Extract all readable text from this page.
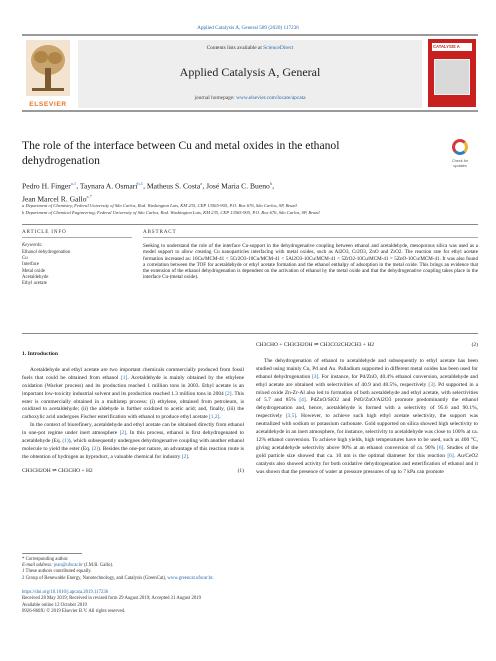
Applied Catalysis A, General 589 (2020) 117236
ELSEVIER
Contents lists available at ScienceDirect
Applied Catalysis A, General
journal homepage: www.elsevier.com/locate/apcata
CATALYSIS A
The role of the interface between Cu and metal oxides in the ethanol dehydrogenation	Check for
updates
Pedro H. Finger$^{a,1}$, Taynara A. Osmari$^{b,1}$, Matheus S. Costa$^a$, José Maria C. Bueno$^b$,
Jean Marcel R. Gallo$^{a,*}$
a Department of Chemistry, Federal University of São Carlos, Rod. Washington Luis, KM 235, CEP 13565-905, P.O. Box 676, São Carlos, SP, Brazil
b Department of Chemical Engineering, Federal University of São Carlos, Rod. Washington Luis, KM 235, CEP 13565-905, P.O. Box 676, São Carlos, SP, Brazil
ARTICLE INFO	ABSTRACT
Keywords:
Ethanol dehydrogenation
Cu
Interface
Metal oxide
Acetaldehyde
Ethyl acetate
Seeking to understand the role of the interface Cu-support in the dehydrogenative coupling between ethanol and acetaldehyde, mesoporous silica was used as a model support to allow creating Cu nanoparticles interfacing with metal oxides, such as Al2O3, Cr2O3, ZnO and ZrO2. The reaction rate for ethyl acetate formation increased as: 10Cu/MCM-41 < 5Cr2O3-10Cu/MCM-41 < 5Al2O3-10Cu/MCM-41 < 5ZrO2-10Cu/MCM-41 = 5ZnO-10Cu/MCM-41. It was also found a correlation between the TOF for acetaldehyde or ethyl acetate formation and the ethanol enthalpy of adsorption in the metal oxide. This brings an evidence that the extension of the ethanol dehydrogenation is dependent on the activation of ethanol by the metal oxide and that the dehydrogenative coupling takes place in the interface Cu-(metal oxide).
1. Introduction

Acetaldehyde and ethyl acetate are two important chemicals commercially produced from fossil fuels that could be obtained from ethanol [1]. Acetaldehyde is mainly obtained by the ethylene oxidation (Wacker process) and its production reached 1 million tons in 2003. Ethyl acetate is an important low-toxicity industrial solvent and its production reached 1.3 million tons in 2004 [2]. This ester is commercially obtained in a multistep process: (i) ethylene, obtained from petroleum, is oxidized to acetaldehyde; (ii) the aldehyde is further oxidized to acetic acid; and, finally, (iii) the carboxylic acid undergoes Fischer esterification with ethanol to produce ethyl acetate [1,2].

In the context of biorefinery, acetaldehyde and ethyl acetate can be obtained directly from ethanol in one-pot regime under inert atmosphere [2]. In this process, ethanol is first dehydrogenated to acetaldehyde (Eq. (1)), which subsequently undergoes dehydrogenative coupling with another ethanol molecule to yield the ester (Eq. (2)). Besides the one-pot nature, an advantage of this reaction route is the obtention of hydrogen as byproduct, a valuable chemical for industry [2].

CH3CH2OH ⇌ CH3CHO + H2	(1)
CH3CHO + CH3CH2OH ⇌ CH3CO2CH2CH3 + H2	(2)

The dehydrogenation of ethanol to acetaldehyde and subsequently to ethyl acetate has been studied using mainly Cu, Pd and Au. Palladium supported in different metal oxides has been used for ethanol dehydrogenation [3]. For instance, for Pd/ZnO, 40.4% ethanol conversion, acetaldehyde and ethyl acetate are obtained with selectivities of 40.9 and 48.5%, respectively [3]. Pd supported in a mixed oxide Zn-Zr-Al also led to formation of both acetaldehyde and ethyl acetate, with selectivities of 5.7 and 85% [4]. PdZnO/SiO2 and PdO/ZnO/Al2O3 promote predominantly the ethanol dehydrogenation and, hence, acetaldehyde is formed with a selectivity of 95.6 and 90.1%, respectively [3,5]. However, to achieve such high ethyl acetate selectivity, the support was neutralized with sodium or potassium carbonate. Gold supported on silica showed high selectivity to acetaldehyde in an inert atmosphere, for instance, selectivity to acetaldehyde was close to 100% at ca. 12% ethanol conversion. To achieve high yields, high temperatures have to be used, such as 400 °C, giving acetaldehyde selectivity above 90% at an ethanol conversion of ca. 90% [6]. Studies of the gold particle size showed that ca. 10 nm is the optimal diameter for this reaction [6]. Au/CeO2 catalysts also showed activity for both oxidative dehydrogenation and esterification of ethanol and it was shown that the presence of water at pressure pressures of up to 7 kPa can promote

* Corresponding author.
E-mail address: jean@ufscar.br (J.M.R. Gallo).
1 These authors contributed equally.
2 Group of Renewable Energy, Nanotechnology, and Catalysis (GreenCat), www.greencat.ufscar.br.
https://doi.org/10.1016/j.apcata.2019.117236
Received 28 May 2019; Received in revised form 29 August 2019; Accepted 31 August 2019
Available online 12 October 2019
0926-860X/ © 2019 Elsevier B.V. All rights reserved.
